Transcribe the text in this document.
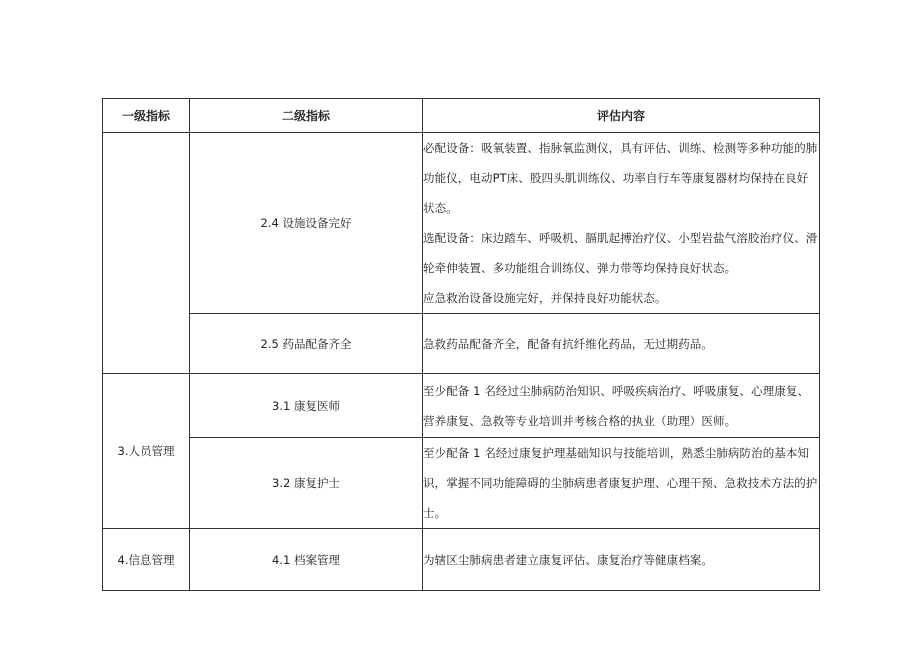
一级指标	二级指标	评估内容
	2.4 设施设备完好	必配设备：吸氧装置、指脉氧监测仪，具有评估、训练、检测等多种功能的肺功能仪，电动PT床、股四头肌训练仪、功率自行车等康复器材均保持在良好状态。

选配设备：床边踏车、呼吸机、膈肌起搏治疗仪、小型岩盐气溶胶治疗仪、滑轮牵伸装置、多功能组合训练仪、弹力带等均保持良好状态。

应急救治设备设施完好，并保持良好功能状态。

	2.5 药品配备齐全	急救药品配备齐全，配备有抗纤维化药品，无过期药品。

3.人员管理	3.1 康复医师	至少配备 1 名经过尘肺病防治知识、呼吸疾病治疗、呼吸康复、心理康复、营养康复、急救等专业培训并考核合格的执业（助理）医师。

	3.2 康复护士	至少配备 1 名经过康复护理基础知识与技能培训，熟悉尘肺病防治的基本知识，掌握不同功能障碍的尘肺病患者康复护理、心理干预、急救技术方法的护士。

4.信息管理	4.1 档案管理	为辖区尘肺病患者建立康复评估、康复治疗等健康档案。
